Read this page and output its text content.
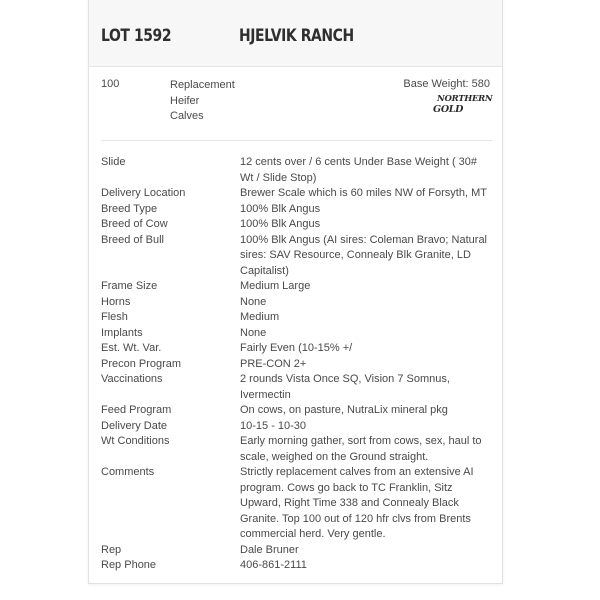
LOT 1592	HJELVIK RANCH
100	Replacement
Heifer
Calves
Base Weight: 580
NORTHERN
GOLD
Slide	12 cents over / 6 cents Under Base Weight ( 30# Wt / Slide Stop)
Delivery Location	Brewer Scale which is 60 miles NW of Forsyth, MT
Breed Type	100% Blk Angus
Breed of Cow	100% Blk Angus
Breed of Bull	100% Blk Angus (AI sires: Coleman Bravo; Natural sires: SAV Resource, Connealy Blk Granite, LD Capitalist)
Frame Size	Medium Large
Horns	None
Flesh	Medium
Implants	None
Est. Wt. Var.	Fairly Even (10-15% +/
Precon Program	PRE-CON 2+
Vaccinations	2 rounds Vista Once SQ, Vision 7 Somnus, Ivermectin
Feed Program	On cows, on pasture, NutraLix mineral pkg
Delivery Date	10-15 - 10-30
Wt Conditions	Early morning gather, sort from cows, sex, haul to scale, weighed on the Ground straight.
Comments	Strictly replacement calves from an extensive AI program. Cows go back to TC Franklin, Sitz Upward, Right Time 338 and Connealy Black Granite. Top 100 out of 120 hfr clvs from Brents commercial herd. Very gentle.
Rep	Dale Bruner
Rep Phone	406-861-2111
